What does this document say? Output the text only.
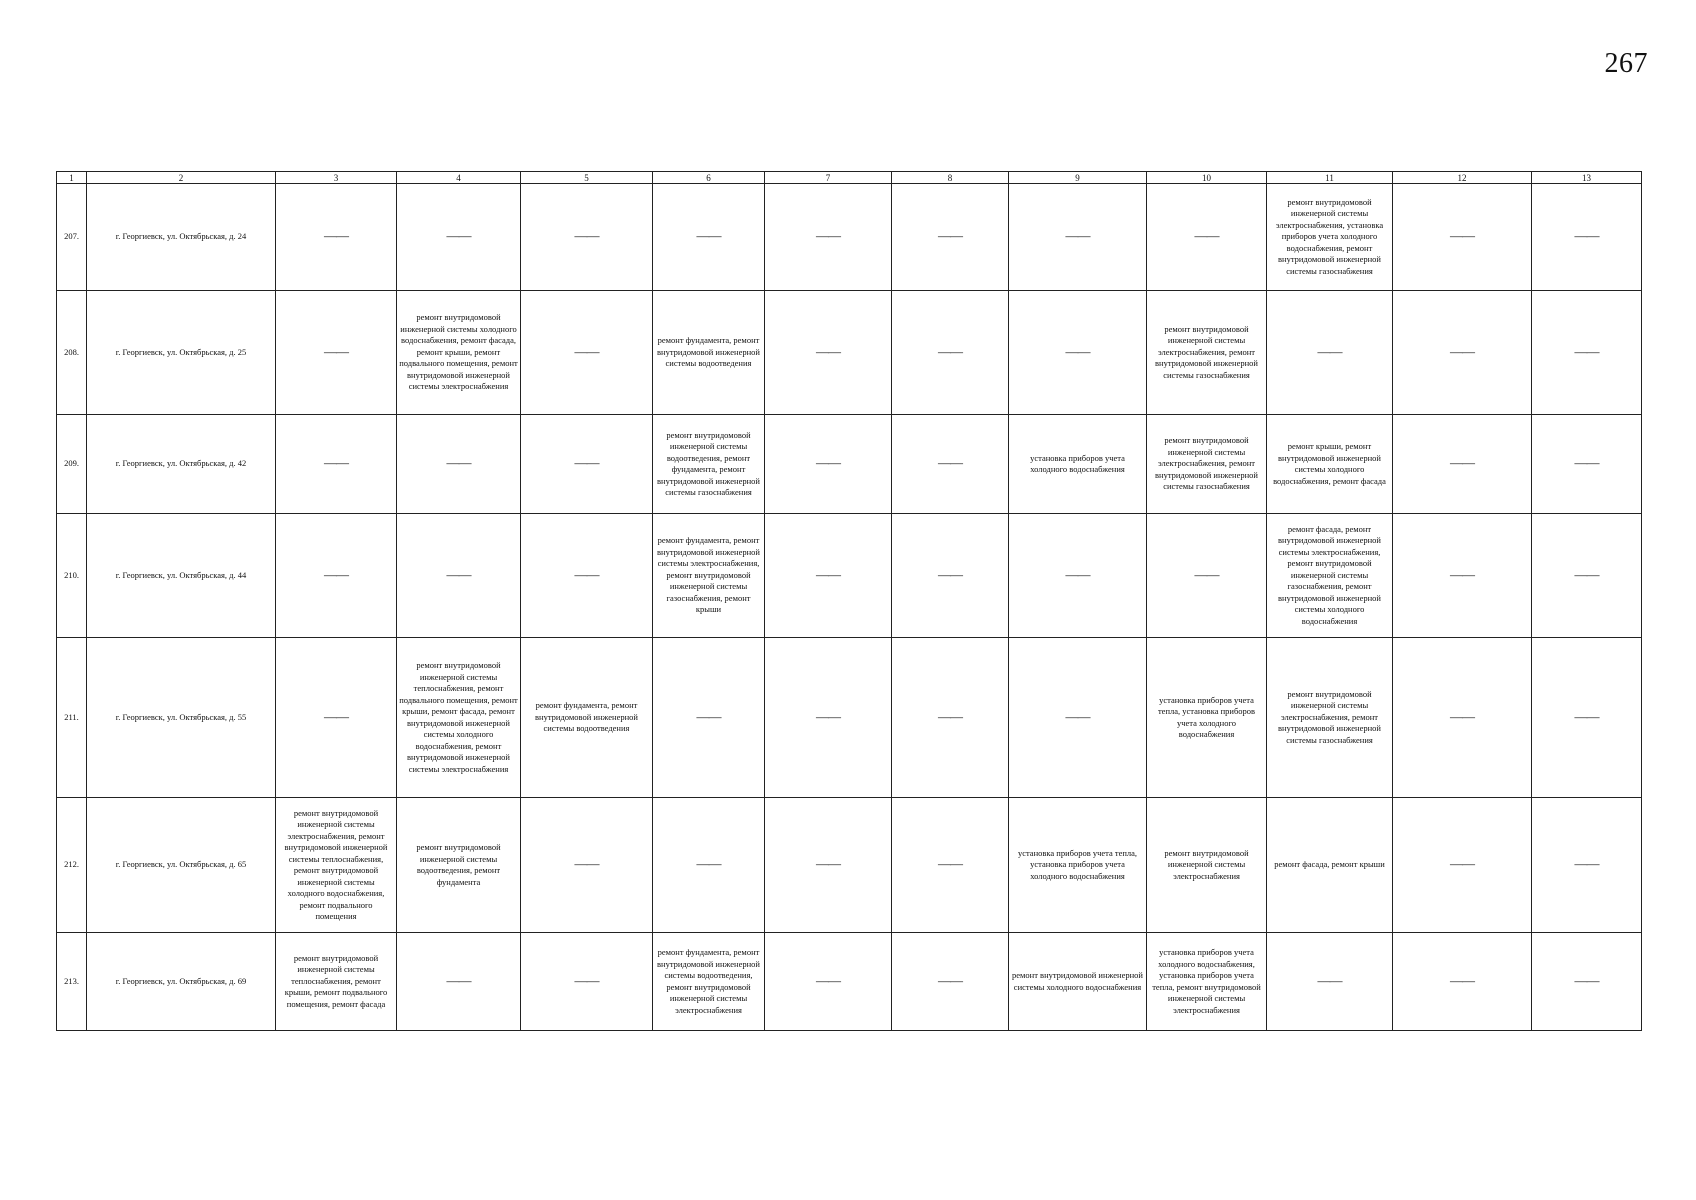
267
1	2	3	4	5	6	7	8	9	10	11	12	13
207.	г. Георгиевск, ул. Октябрьская, д. 24	——	——	——	——	——	——	——	——	ремонт внутридомовой инженерной системы электроснабжения, установка приборов учета холодного водоснабжения, ремонт внутридомовой инженерной системы газоснабжения	——	——
208.	г. Георгиевск, ул. Октябрьская, д. 25	——	ремонт внутридомовой инженерной системы холодного водоснабжения, ремонт фасада, ремонт крыши, ремонт подвального помещения, ремонт внутридомовой инженерной системы электроснабжения	——	ремонт фундамента, ремонт внутридомовой инженерной системы водоотведения	——	——	——	ремонт внутридомовой инженерной системы электроснабжения, ремонт внутридомовой инженерной системы газоснабжения	——	——	——
209.	г. Георгиевск, ул. Октябрьская, д. 42	——	——	——	ремонт внутридомовой инженерной системы водоотведения, ремонт фундамента, ремонт внутридомовой инженерной системы газоснабжения	——	——	установка приборов учета холодного водоснабжения	ремонт внутридомовой инженерной системы электроснабжения, ремонт внутридомовой инженерной системы газоснабжения	ремонт крыши, ремонт внутридомовой инженерной системы холодного водоснабжения, ремонт фасада	——	——
210.	г. Георгиевск, ул. Октябрьская, д. 44	——	——	——	ремонт фундамента, ремонт внутридомовой инженерной системы электроснабжения, ремонт внутридомовой инженерной системы газоснабжения, ремонт крыши	——	——	——	——	ремонт фасада, ремонт внутридомовой инженерной системы электроснабжения, ремонт внутридомовой инженерной системы газоснабжения, ремонт внутридомовой инженерной системы холодного водоснабжения	——	——
211.	г. Георгиевск, ул. Октябрьская, д. 55	——	ремонт внутридомовой инженерной системы теплоснабжения, ремонт подвального помещения, ремонт крыши, ремонт фасада, ремонт внутридомовой инженерной системы холодного водоснабжения, ремонт внутридомовой инженерной системы электроснабжения	ремонт фундамента, ремонт внутридомовой инженерной системы водоотведения	——	——	——	——	установка приборов учета тепла, установка приборов учета холодного водоснабжения	ремонт внутридомовой инженерной системы электроснабжения, ремонт внутридомовой инженерной системы газоснабжения	——	——
212.	г. Георгиевск, ул. Октябрьская, д. 65	ремонт внутридомовой инженерной системы электроснабжения, ремонт внутридомовой инженерной системы теплоснабжения, ремонт внутридомовой инженерной системы холодного водоснабжения, ремонт подвального помещения	ремонт внутридомовой инженерной системы водоотведения, ремонт фундамента	——	——	——	——	установка приборов учета тепла, установка приборов учета холодного водоснабжения	ремонт внутридомовой инженерной системы электроснабжения	ремонт фасада, ремонт крыши	——	——
213.	г. Георгиевск, ул. Октябрьская, д. 69	ремонт внутридомовой инженерной системы теплоснабжения, ремонт крыши, ремонт подвального помещения, ремонт фасада	——	——	ремонт фундамента, ремонт внутридомовой инженерной системы водоотведения, ремонт внутридомовой инженерной системы электроснабжения	——	——	ремонт внутридомовой инженерной системы холодного водоснабжения	установка приборов учета холодного водоснабжения, установка приборов учета тепла, ремонт внутридомовой инженерной системы электроснабжения	——	——	——
